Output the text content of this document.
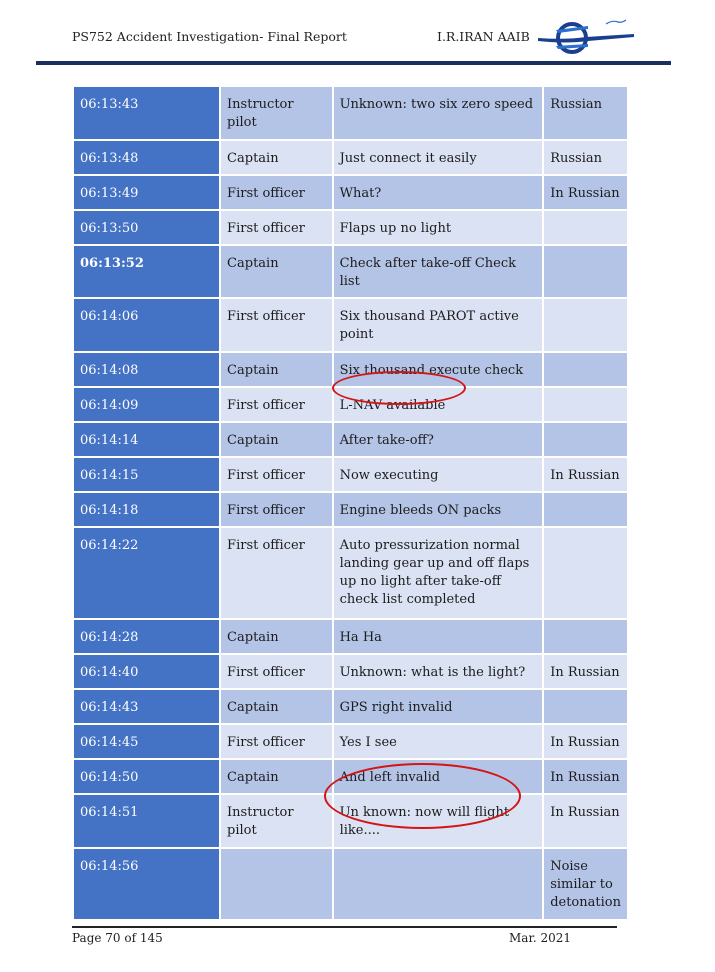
PS752 Accident Investigation- Final Report	I.R.IRAN AAIB
06:13:43	Instructor pilot	Unknown: two six zero speed	Russian
06:13:48	Captain	Just connect it easily	Russian
06:13:49	First officer	What?	In Russian
06:13:50	First officer	Flaps up no light	
06:13:52	Captain	Check after take-off Check list	
06:14:06	First officer	Six thousand PAROT active point	
06:14:08	Captain	Six thousand execute check	
06:14:09	First officer	L-NAV available	
06:14:14	Captain	After take-off?	
06:14:15	First officer	Now executing	In Russian
06:14:18	First officer	Engine bleeds ON packs	
06:14:22	First officer	Auto pressurization normal landing gear up and off flaps up no light after take-off check list completed	
06:14:28	Captain	Ha Ha	
06:14:40	First officer	Unknown: what is the light?	In Russian
06:14:43	Captain	GPS right invalid	
06:14:45	First officer	Yes I see	In Russian
06:14:50	Captain	And left invalid	In Russian
06:14:51	Instructor pilot	Un known: now will flight like....	In Russian
06:14:56			Noise similar to detonation
Page 70 of 145	Mar. 2021
